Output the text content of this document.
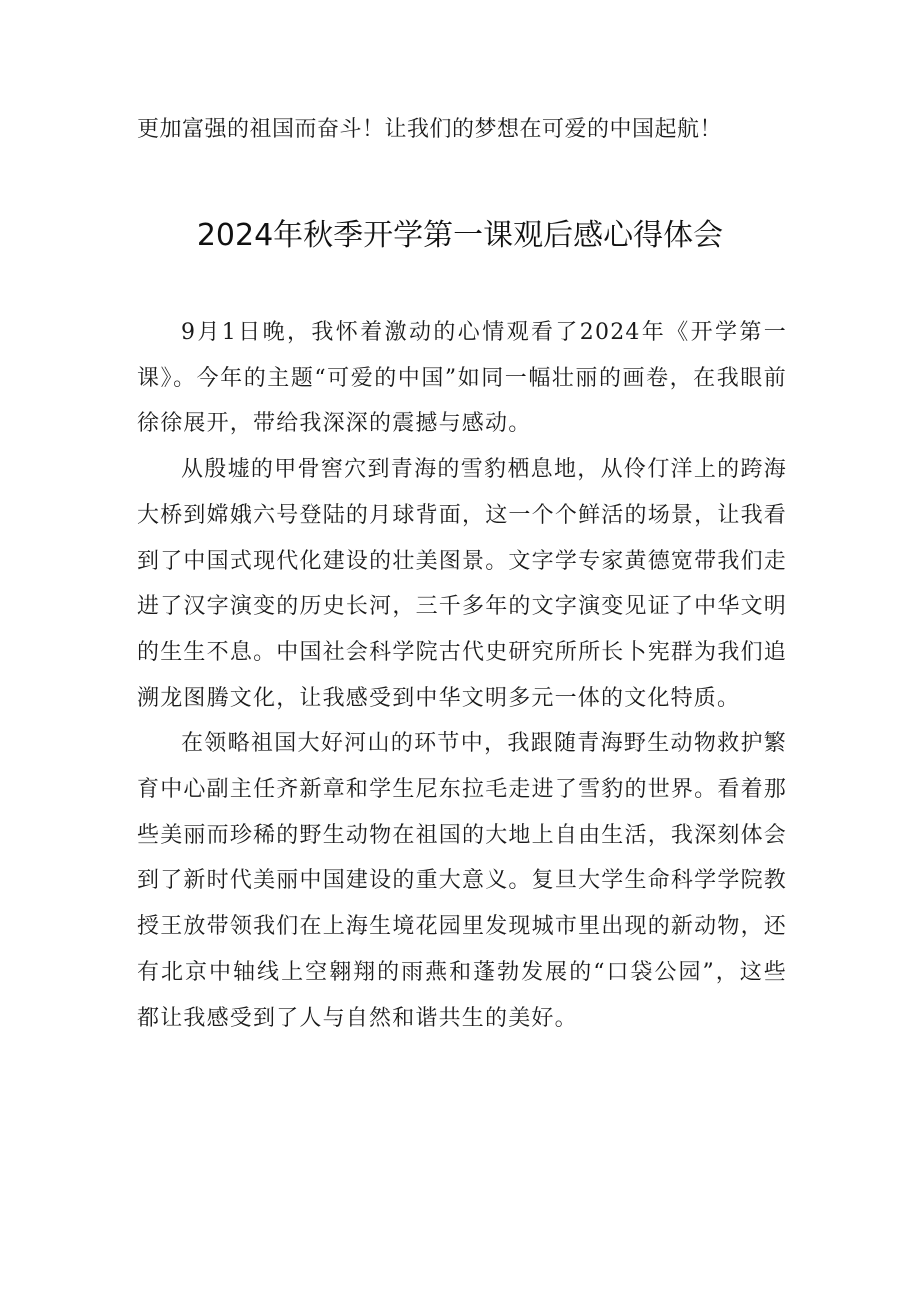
更加富强的祖国而奋斗！让我们的梦想在可爱的中国起航！
2024年秋季开学第一课观后感心得体会

9月1日晚，我怀着激动的心情观看了2024年《开学第一课》。今年的主题“可爱的中国”如同一幅壮丽的画卷，在我眼前徐徐展开，带给我深深的震撼与感动。

从殷墟的甲骨窖穴到青海的雪豹栖息地，从伶仃洋上的跨海大桥到嫦娥六号登陆的月球背面，这一个个鲜活的场景，让我看到了中国式现代化建设的壮美图景。文字学专家黄德宽带我们走进了汉字演变的历史长河，三千多年的文字演变见证了中华文明的生生不息。中国社会科学院古代史研究所所长卜宪群为我们追溯龙图腾文化，让我感受到中华文明多元一体的文化特质。

在领略祖国大好河山的环节中，我跟随青海野生动物救护繁育中心副主任齐新章和学生尼东拉毛走进了雪豹的世界。看着那些美丽而珍稀的野生动物在祖国的大地上自由生活，我深刻体会到了新时代美丽中国建设的重大意义。复旦大学生命科学学院教授王放带领我们在上海生境花园里发现城市里出现的新动物，还有北京中轴线上空翱翔的雨燕和蓬勃发展的“口袋公园”，这些都让我感受到了人与自然和谐共生的美好。
